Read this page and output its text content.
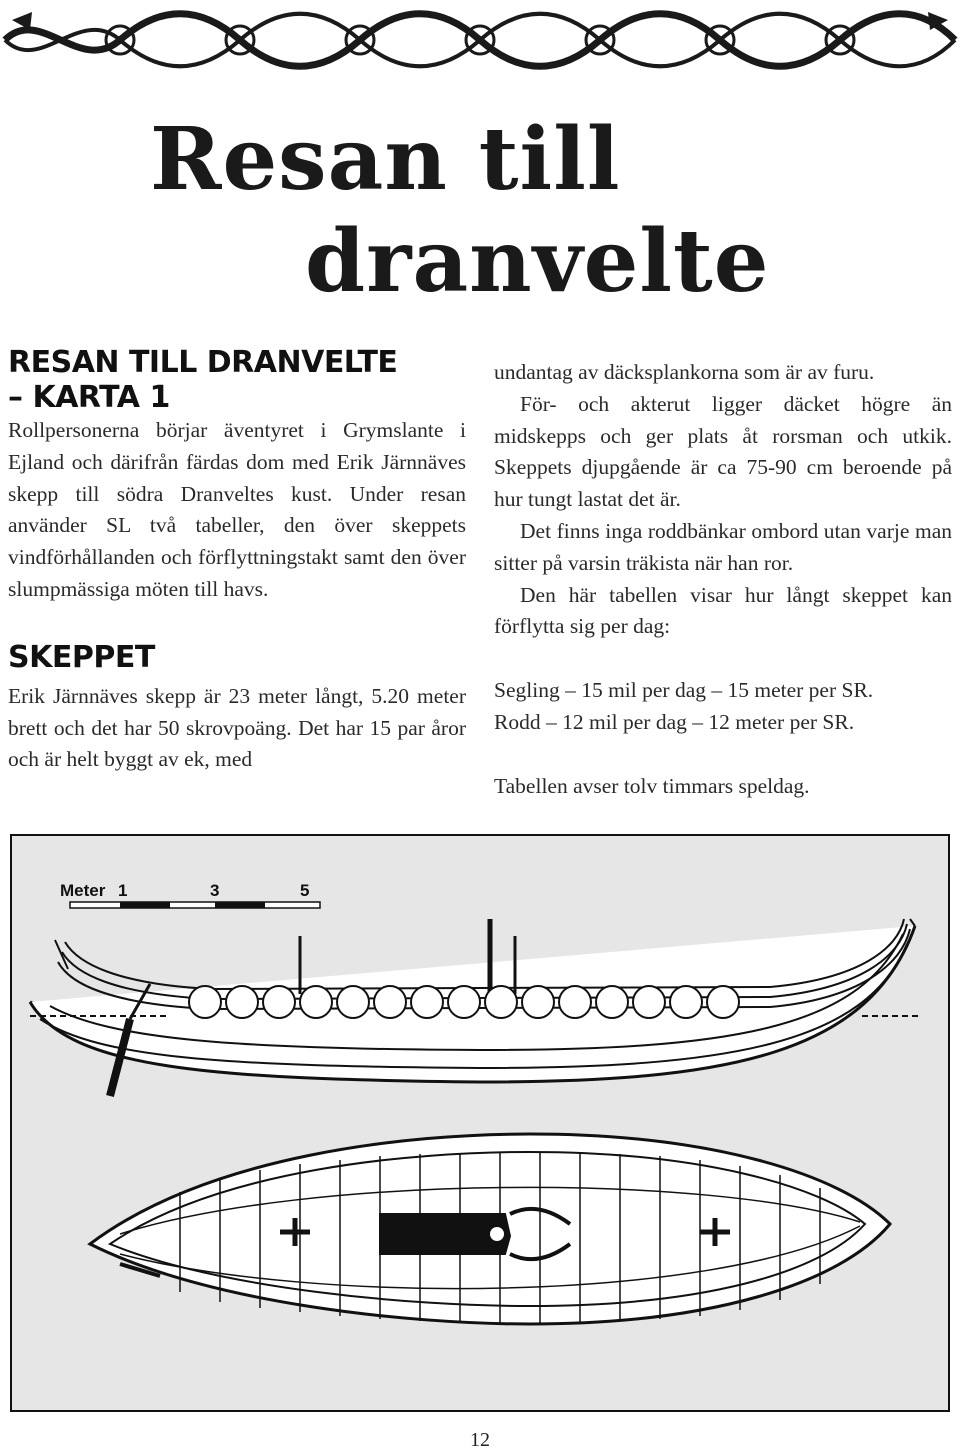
Resan till
dranvelte
RESAN TILL DRANVELTE
– KARTA 1

Rollpersonerna börjar äventyret i Grymslante i Ejland och därifrån färdas dom med Erik Järnnäves skepp till södra Dranveltes kust. Under resan använder SL två tabeller, den över skeppets vindförhållanden och förflyttningstakt samt den över slumpmässiga möten till havs.

SKEPPET

Erik Järnnäves skepp är 23 meter långt, 5.20 meter brett och det har 50 skrovpoäng. Det har 15 par åror och är helt byggt av ek, med

undantag av däcksplankorna som är av furu.

För- och akterut ligger däcket högre än midskepps och ger plats åt rorsman och utkik. Skeppets djupgående är ca 75-90 cm beroende på hur tungt lastat det är.

Det finns inga roddbänkar ombord utan varje man sitter på varsin träkista när han ror.

Den här tabellen visar hur långt skeppet kan förflytta sig per dag:

Segling – 15 mil per dag – 15 meter per SR.

Rodd – 12 mil per dag – 12 meter per SR.

Tabellen avser tolv timmars speldag.

Meter 1	3	5
12
